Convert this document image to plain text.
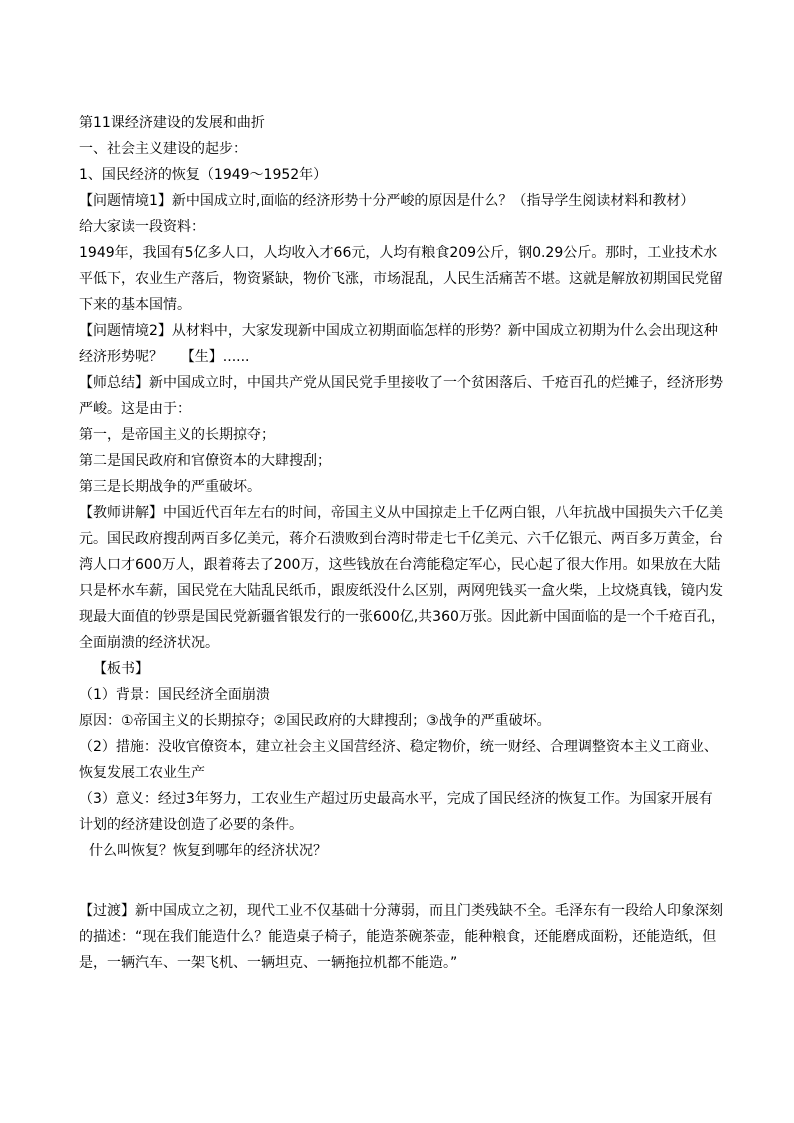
第11课经济建设的发展和曲折

一、社会主义建设的起步：

1、国民经济的恢复（1949～1952年）

【问题情境1】新中国成立时,面临的经济形势十分严峻的原因是什么？（指导学生阅读材料和教材）

给大家读一段资料：

1949年，我国有5亿多人口，人均收入才66元，人均有粮食209公斤，钢0.29公斤。那时，工业技术水

平低下，农业生产落后，物资紧缺，物价飞涨，市场混乱，人民生活痛苦不堪。这就是解放初期国民党留

下来的基本国情。

【问题情境2】从材料中，大家发现新中国成立初期面临怎样的形势？新中国成立初期为什么会出现这种

经济形势呢？    【生】......

【师总结】新中国成立时，中国共产党从国民党手里接收了一个贫困落后、千疮百孔的烂摊子，经济形势

严峻。这是由于：

第一，是帝国主义的长期掠夺；

第二是国民政府和官僚资本的大肆搜刮；

第三是长期战争的严重破坏。

【教师讲解】中国近代百年左右的时间，帝国主义从中国掠走上千亿两白银，八年抗战中国损失六千亿美

元。国民政府搜刮两百多亿美元，蒋介石溃败到台湾时带走七千亿美元、六千亿银元、两百多万黄金，台

湾人口才600万人，跟着蒋去了200万，这些钱放在台湾能稳定军心，民心起了很大作用。如果放在大陆

只是杯水车薪，国民党在大陆乱民纸币，跟废纸没什么区别，两网兜钱买一盒火柴，上坟烧真钱，镜内发

现最大面值的钞票是国民党新疆省银发行的一张600亿,共360万张。因此新中国面临的是一个千疮百孔，

全面崩溃的经济状况。

【板书】

（1）背景：国民经济全面崩溃

原因：①帝国主义的长期掠夺；②国民政府的大肆搜刮；③战争的严重破坏。

（2）措施：没收官僚资本，建立社会主义国营经济、稳定物价，统一财经、合理调整资本主义工商业、

恢复发展工农业生产

（3）意义：经过3年努力，工农业生产超过历史最高水平，完成了国民经济的恢复工作。为国家开展有

计划的经济建设创造了必要的条件。

什么叫恢复？恢复到哪年的经济状况？

【过渡】新中国成立之初，现代工业不仅基础十分薄弱，而且门类残缺不全。毛泽东有一段给人印象深刻

的描述：“现在我们能造什么？能造桌子椅子，能造茶碗茶壶，能种粮食，还能磨成面粉，还能造纸，但

是，一辆汽车、一架飞机、一辆坦克、一辆拖拉机都不能造。”
